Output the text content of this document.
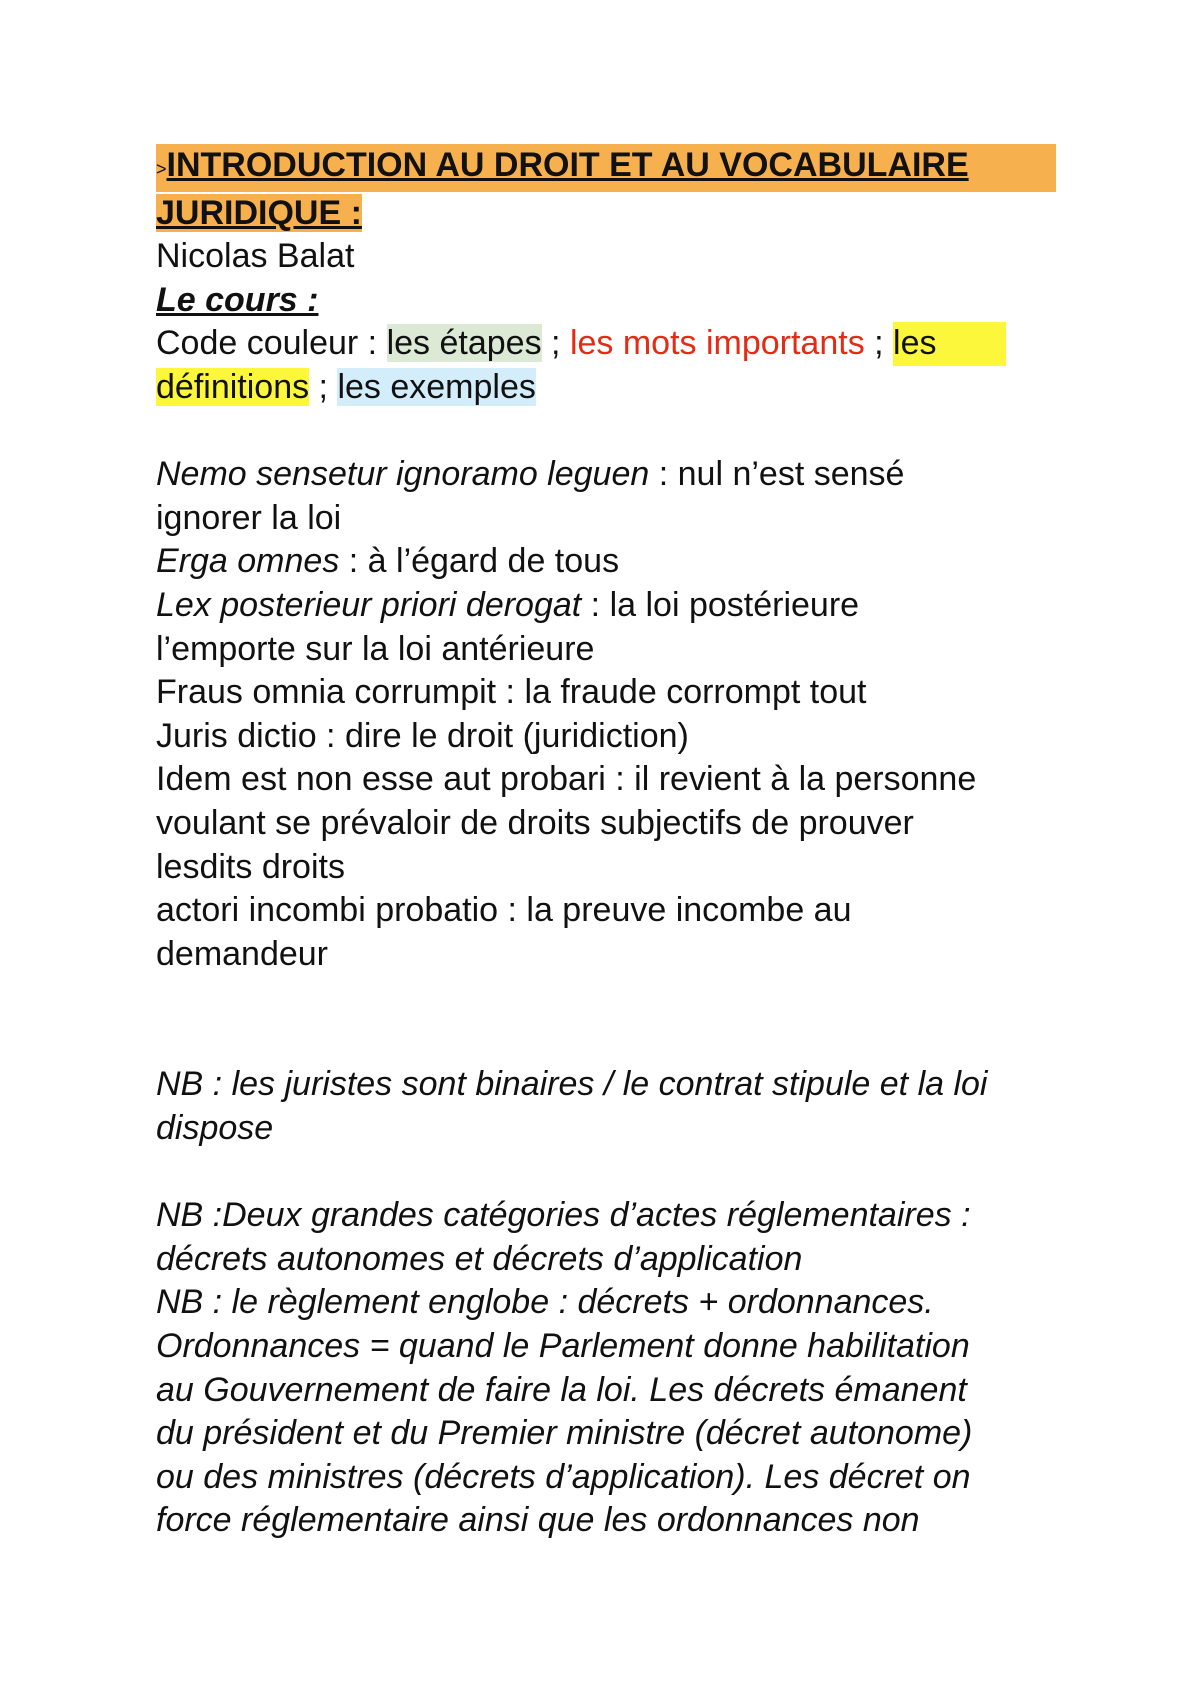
>INTRODUCTION AU DROIT ET AU VOCABULAIRE
JURIDIQUE :
Nicolas Balat
Le cours :
Code couleur : les étapes ; les mots importants ; les
définitions ; les exemples
Nemo sensetur ignoramo leguen : nul n’est sensé
ignorer la loi
Erga omnes : à l’égard de tous
Lex posterieur priori derogat : la loi postérieure
l’emporte sur la loi antérieure
Fraus omnia corrumpit : la fraude corrompt tout
Juris dictio : dire le droit (juridiction)
Idem est non esse aut probari : il revient à la personne
voulant se prévaloir de droits subjectifs de prouver
lesdits droits
actori incombi probatio : la preuve incombe au
demandeur
NB : les juristes sont binaires / le contrat stipule et la loi
dispose
NB :Deux grandes catégories d’actes réglementaires :
décrets autonomes et décrets d’application
NB : le règlement englobe : décrets + ordonnances.
Ordonnances = quand le Parlement donne habilitation
au Gouvernement de faire la loi. Les décrets émanent
du président et du Premier ministre (décret autonome)
ou des ministres (décrets d’application). Les décret on
force réglementaire ainsi que les ordonnances non
